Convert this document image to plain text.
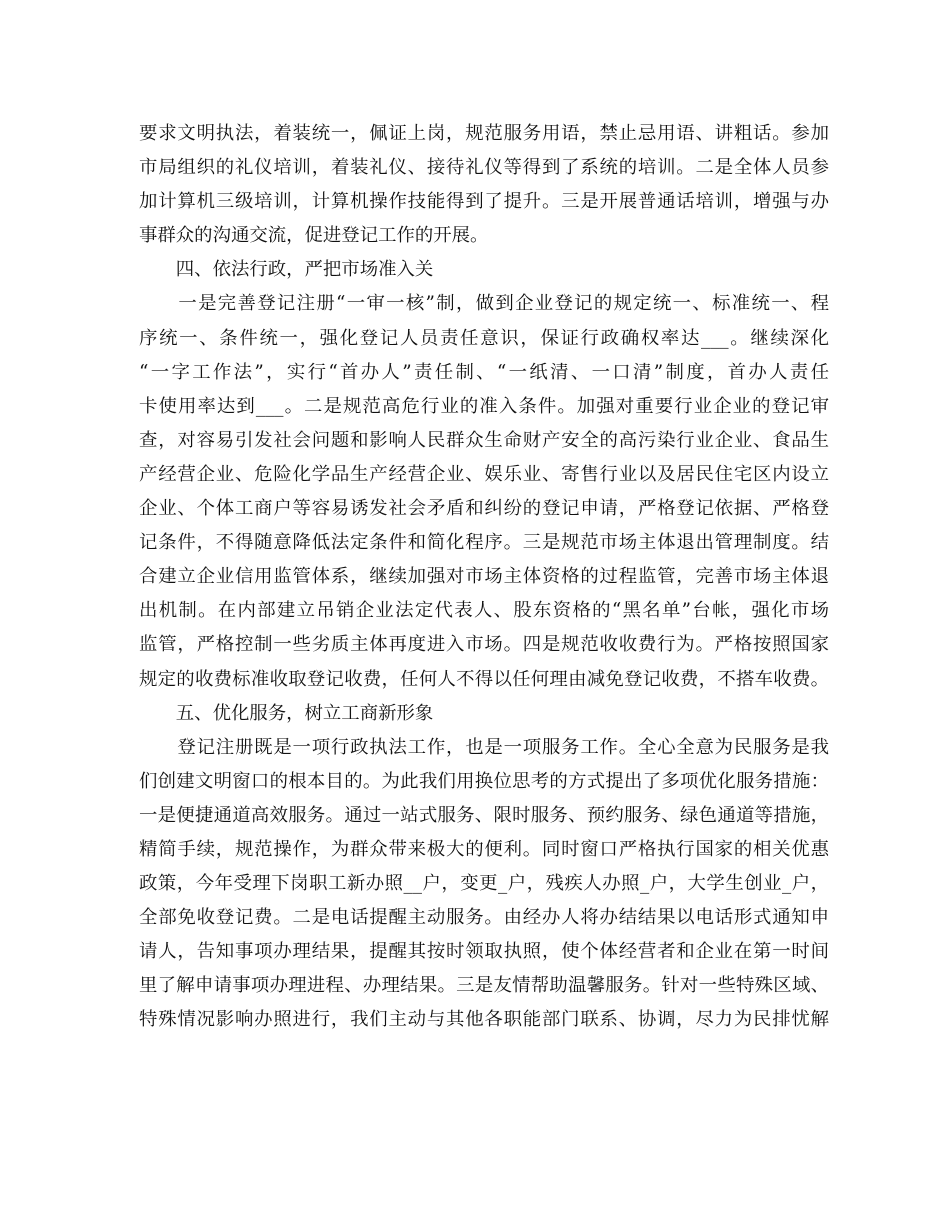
要求文明执法，着装统一，佩证上岗，规范服务用语，禁止忌用语、讲粗话。参加
市局组织的礼仪培训，着装礼仪、接待礼仪等得到了系统的培训。二是全体人员参
加计算机三级培训，计算机操作技能得到了提升。三是开展普通话培训，增强与办
事群众的沟通交流，促进登记工作的开展。
　　四、依法行政，严把市场准入关
　　一是完善登记注册“一审一核”制，做到企业登记的规定统一、标准统一、程
序统一、条件统一，强化登记人员责任意识，保证行政确权率达___。继续深化
“一字工作法”，实行“首办人”责任制、“一纸清、一口清”制度，首办人责任
卡使用率达到___。二是规范高危行业的准入条件。加强对重要行业企业的登记审
查，对容易引发社会问题和影响人民群众生命财产安全的高污染行业企业、食品生
产经营企业、危险化学品生产经营企业、娱乐业、寄售行业以及居民住宅区内设立
企业、个体工商户等容易诱发社会矛盾和纠纷的登记申请，严格登记依据、严格登
记条件，不得随意降低法定条件和简化程序。三是规范市场主体退出管理制度。结
合建立企业信用监管体系，继续加强对市场主体资格的过程监管，完善市场主体退
出机制。在内部建立吊销企业法定代表人、股东资格的“黑名单”台帐，强化市场
监管，严格控制一些劣质主体再度进入市场。四是规范收收费行为。严格按照国家
规定的收费标准收取登记收费，任何人不得以任何理由减免登记收费，不搭车收费。
　　五、优化服务，树立工商新形象
　　登记注册既是一项行政执法工作，也是一项服务工作。全心全意为民服务是我
们创建文明窗口的根本目的。为此我们用换位思考的方式提出了多项优化服务措施：
一是便捷通道高效服务。通过一站式服务、限时服务、预约服务、绿色通道等措施，
精简手续，规范操作，为群众带来极大的便利。同时窗口严格执行国家的相关优惠
政策，今年受理下岗职工新办照__户，变更_户，残疾人办照_户，大学生创业_户，
全部免收登记费。二是电话提醒主动服务。由经办人将办结结果以电话形式通知申
请人，告知事项办理结果，提醒其按时领取执照，使个体经营者和企业在第一时间
里了解申请事项办理进程、办理结果。三是友情帮助温馨服务。针对一些特殊区域、
特殊情况影响办照进行，我们主动与其他各职能部门联系、协调，尽力为民排忧解
